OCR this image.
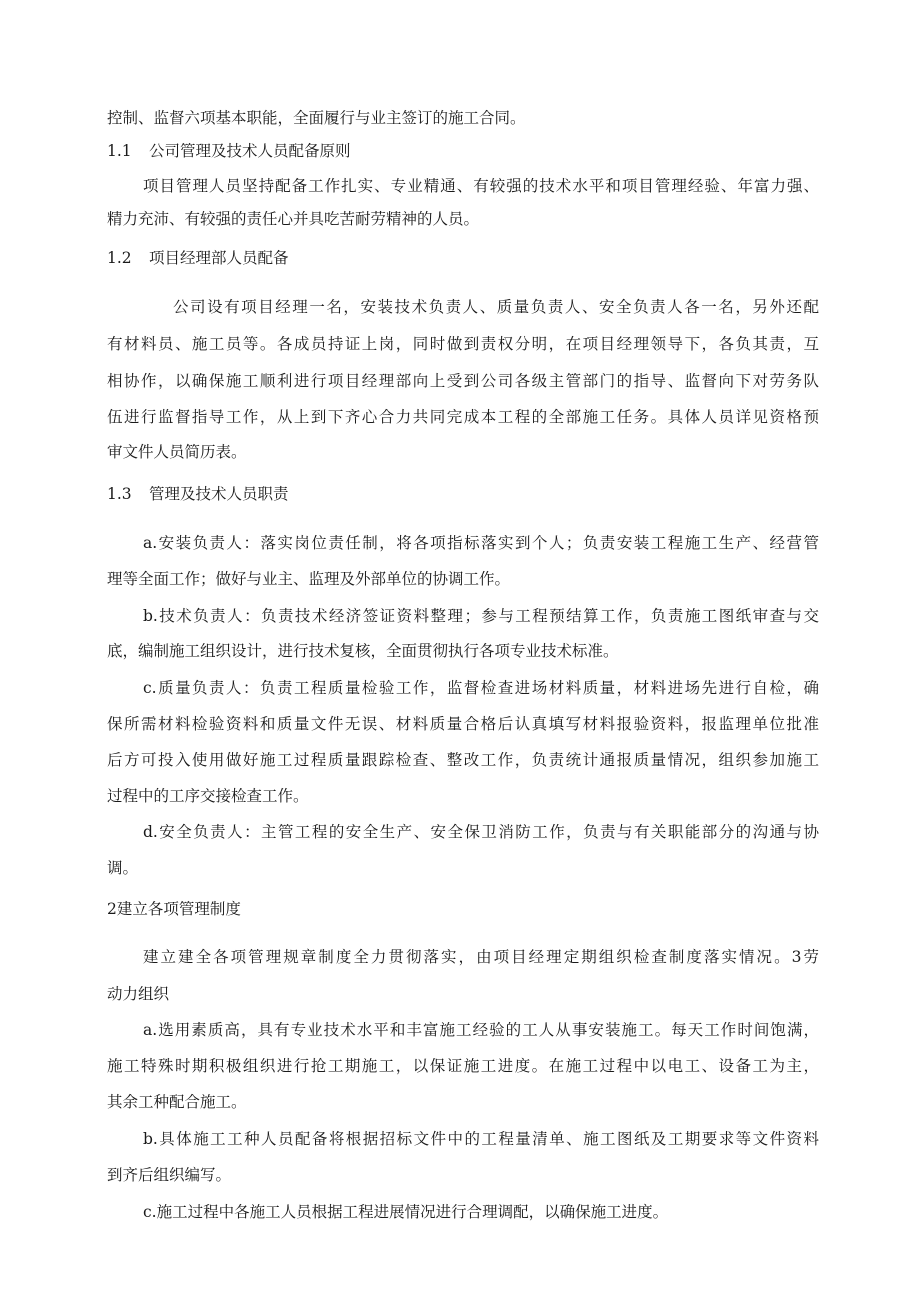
控制、监督六项基本职能，全面履行与业主签订的施工合同。
1.1 公司管理及技术人员配备原则
项目管理人员坚持配备工作扎实、专业精通、有较强的技术水平和项目管理经验、年富力强、
精力充沛、有较强的责任心并具吃苦耐劳精神的人员。
1.2 项目经理部人员配备
公司设有项目经理一名，安装技术负责人、质量负责人、安全负责人各一名，另外还配
有材料员、施工员等。各成员持证上岗，同时做到责权分明，在项目经理领导下，各负其责，互
相协作，以确保施工顺利进行项目经理部向上受到公司各级主管部门的指导、监督向下对劳务队
伍进行监督指导工作，从上到下齐心合力共同完成本工程的全部施工任务。具体人员详见资格预
审文件人员简历表。
1.3 管理及技术人员职责
a.安装负责人：落实岗位责任制，将各项指标落实到个人；负责安装工程施工生产、经营管
理等全面工作；做好与业主、监理及外部单位的协调工作。
b.技术负责人：负责技术经济签证资料整理；参与工程预结算工作，负责施工图纸审查与交
底，编制施工组织设计，进行技术复核，全面贯彻执行各项专业技术标准。
c.质量负责人：负责工程质量检验工作，监督检查进场材料质量，材料进场先进行自检，确
保所需材料检验资料和质量文件无误、材料质量合格后认真填写材料报验资料，报监理单位批准
后方可投入使用做好施工过程质量跟踪检查、整改工作，负责统计通报质量情况，组织参加施工
过程中的工序交接检查工作。
d.安全负责人：主管工程的安全生产、安全保卫消防工作，负责与有关职能部分的沟通与协
调。
2建立各项管理制度
建立建全各项管理规章制度全力贯彻落实，由项目经理定期组织检查制度落实情况。3劳
动力组织
a.选用素质高，具有专业技术水平和丰富施工经验的工人从事安装施工。每天工作时间饱满，
施工特殊时期积极组织进行抢工期施工，以保证施工进度。在施工过程中以电工、设备工为主，
其余工种配合施工。
b.具体施工工种人员配备将根据招标文件中的工程量清单、施工图纸及工期要求等文件资料
到齐后组织编写。
c.施工过程中各施工人员根据工程进展情况进行合理调配，以确保施工进度。
